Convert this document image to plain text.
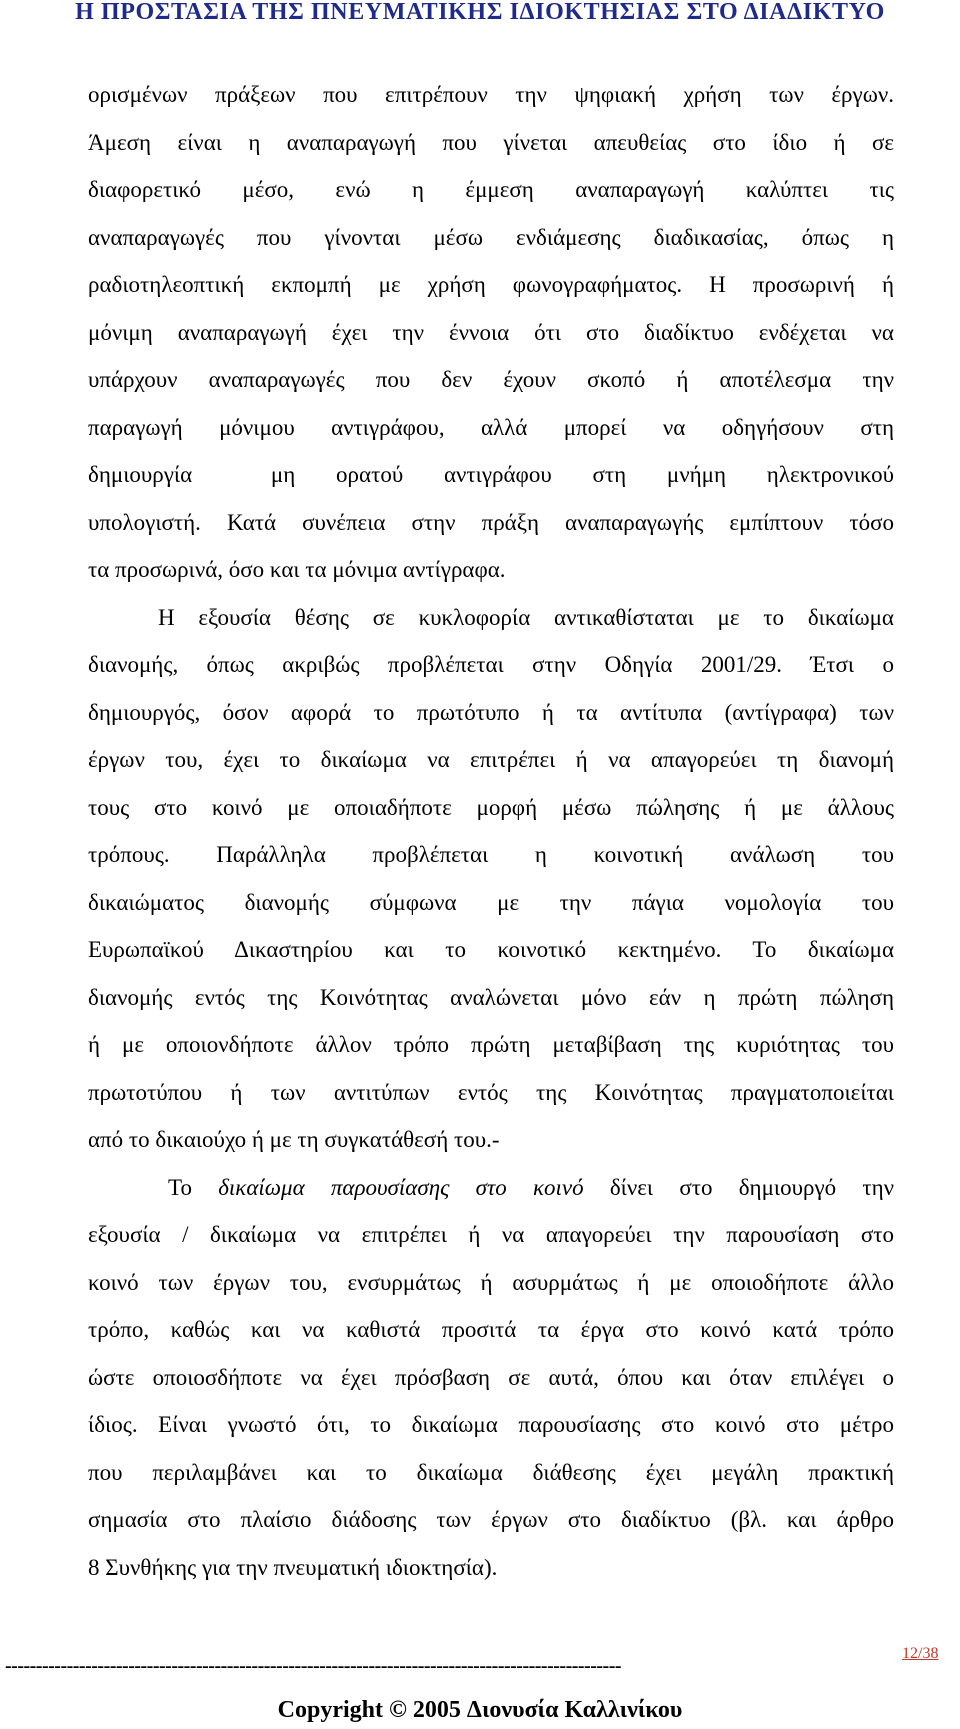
Η ΠΡΟΣΤΑΣΙΑ ΤΗΣ ΠΝΕΥΜΑΤΙΚΗΣ ΙΔΙΟΚΤΗΣΙΑΣ ΣΤΟ ΔΙΑΔΙΚΤΥΟ
ορισμένων πράξεων που επιτρέπουν την ψηφιακή χρήση των έργων.
Άμεση είναι η αναπαραγωγή που γίνεται απευθείας στο ίδιο ή σε
διαφορετικό μέσο, ενώ η έμμεση αναπαραγωγή καλύπτει τις
αναπαραγωγές που γίνονται μέσω ενδιάμεσης διαδικασίας, όπως η
ραδιοτηλεοπτική εκπομπή με χρήση φωνογραφήματος. Η προσωρινή ή
μόνιμη αναπαραγωγή έχει την έννοια ότι στο διαδίκτυο ενδέχεται να
υπάρχουν αναπαραγωγές που δεν έχουν σκοπό ή αποτέλεσμα την
παραγωγή μόνιμου αντιγράφου, αλλά μπορεί να οδηγήσουν στη
δημιουργία	μη ορατού αντιγράφου στη μνήμη ηλεκτρονικού
υπολογιστή. Κατά συνέπεια στην πράξη αναπαραγωγής εμπίπτουν τόσο
τα προσωρινά, όσο και τα μόνιμα αντίγραφα.
Η εξουσία θέσης σε κυκλοφορία αντικαθίσταται με το δικαίωμα
διανομής, όπως ακριβώς προβλέπεται στην Οδηγία 2001/29. Έτσι ο
δημιουργός, όσον αφορά το πρωτότυπο ή τα αντίτυπα (αντίγραφα) των
έργων του, έχει το δικαίωμα να επιτρέπει ή να απαγορεύει τη διανομή
τους στο κοινό με οποιαδήποτε μορφή μέσω πώλησης ή με άλλους
τρόπους. Παράλληλα προβλέπεται η κοινοτική ανάλωση του
δικαιώματος διανομής σύμφωνα με την πάγια νομολογία του
Ευρωπαϊκού Δικαστηρίου και το κοινοτικό κεκτημένο. Το δικαίωμα
διανομής εντός της Κοινότητας αναλώνεται μόνο εάν η πρώτη πώληση
ή με οποιονδήποτε άλλον τρόπο πρώτη μεταβίβαση της κυριότητας του
πρωτοτύπου ή των αντιτύπων εντός της Κοινότητας πραγματοποιείται
από το δικαιούχο ή με τη συγκατάθεσή του.-
Το δικαίωμα παρουσίασης στο κοινό δίνει στο δημιουργό την
εξουσία / δικαίωμα να επιτρέπει ή να απαγορεύει την παρουσίαση στο
κοινό των έργων του, ενσυρμάτως ή ασυρμάτως ή με οποιοδήποτε άλλο
τρόπο, καθώς και να καθιστά προσιτά τα έργα στο κοινό κατά τρόπο
ώστε οποιοσδήποτε να έχει πρόσβαση σε αυτά, όπου και όταν επιλέγει ο
ίδιος. Είναι γνωστό ότι, το δικαίωμα παρουσίασης στο κοινό στο μέτρο
που περιλαμβάνει και το δικαίωμα διάθεσης έχει μεγάλη πρακτική
σημασία στο πλαίσιο διάδοσης των έργων στο διαδίκτυο (βλ. και άρθρο
8 Συνθήκης για την πνευματική ιδιοκτησία).
----------------------------------------------------------------------------------------------------
12/38
Copyright © 2005 Διονυσία Καλλινίκου
